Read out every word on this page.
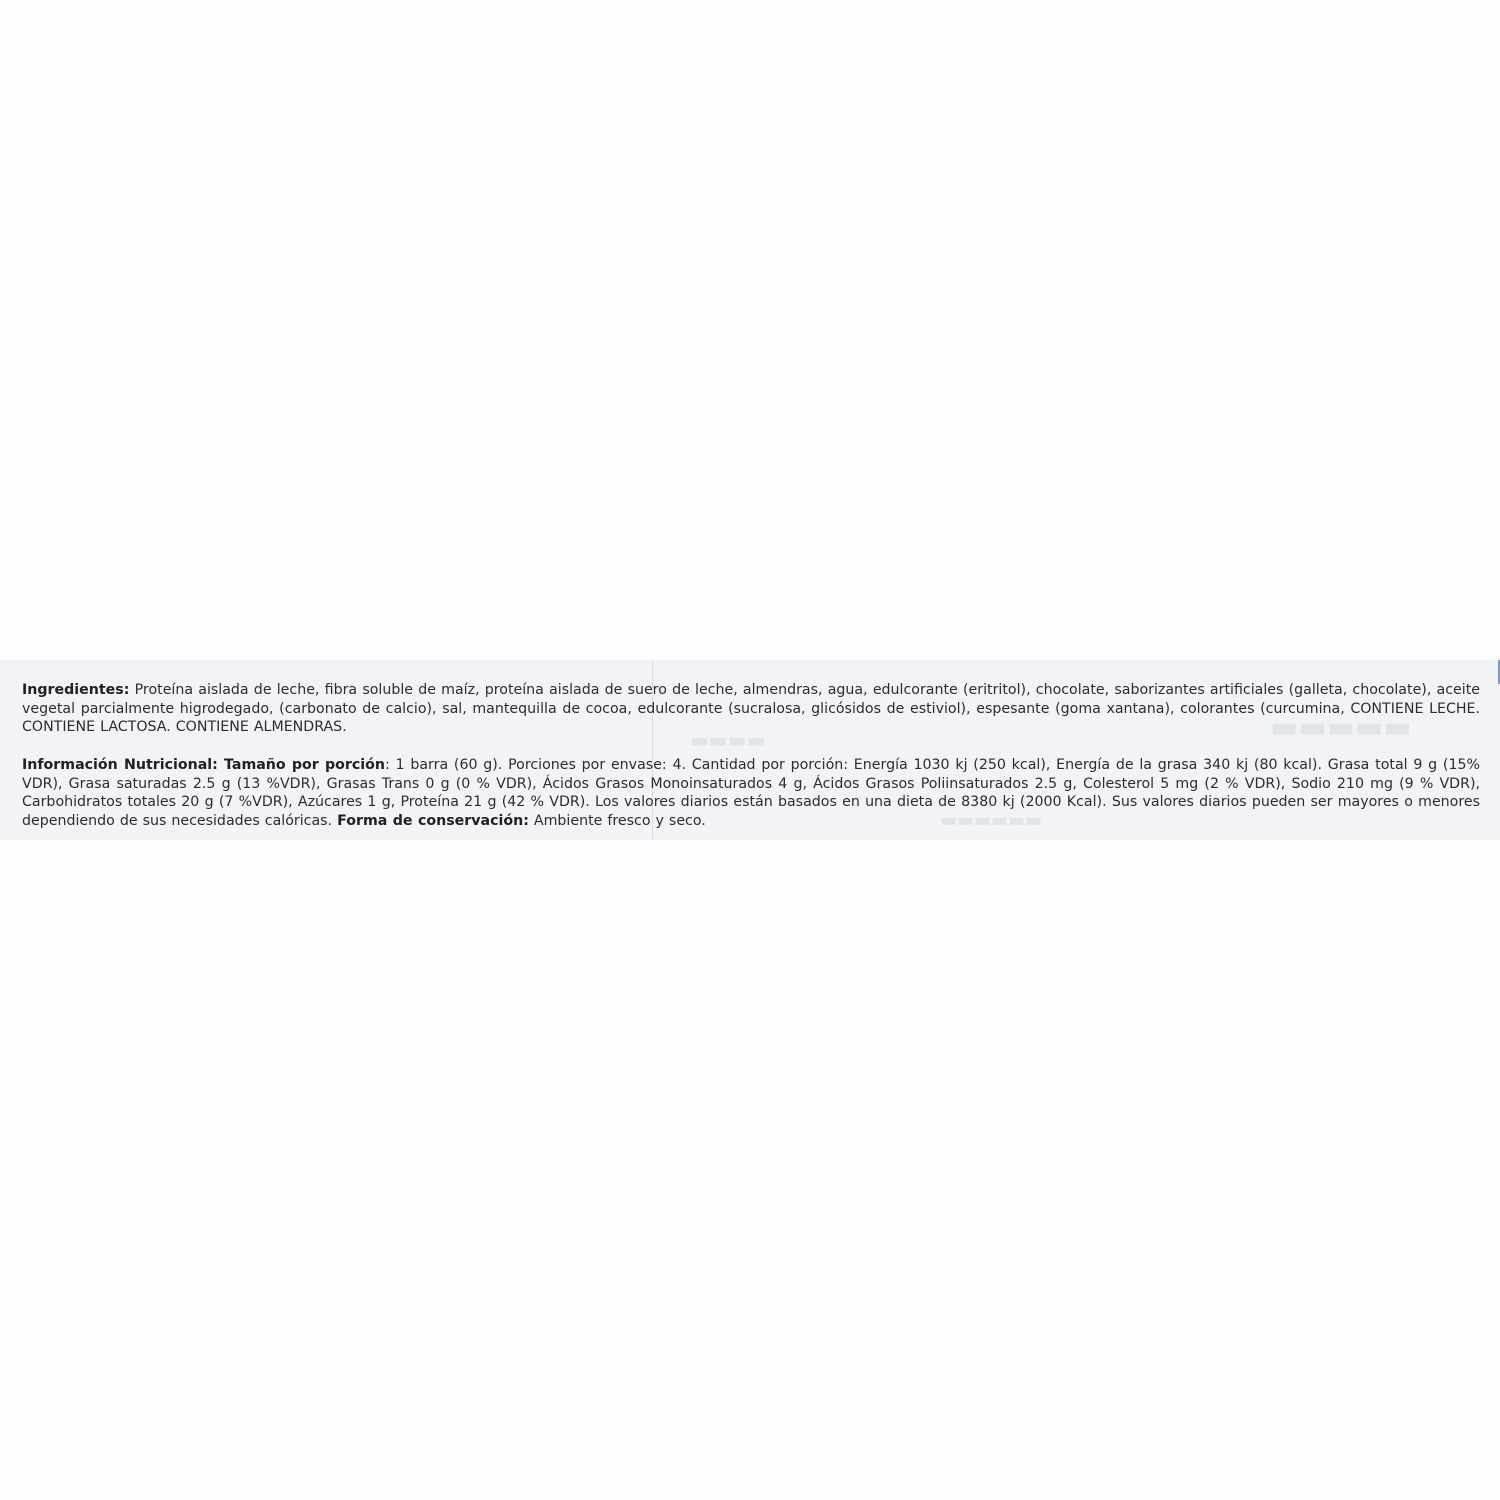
▬▬▬▬▬
▬▬▬▬
▬▬▬▬▬▬

Ingredientes: Proteína aislada de leche, fibra soluble de maíz, proteína aislada de suero de leche, almendras, agua, edulcorante (eritritol), chocolate, saborizantes artificiales (galleta, chocolate), aceite vegetal parcialmente higrodegado, (carbonato de calcio), sal, mantequilla de cocoa, edulcorante (sucralosa, glicósidos de estiviol), espesante (goma xantana), colorantes (curcumina, CONTIENE LECHE. CONTIENE LACTOSA. CONTIENE ALMENDRAS.

Información Nutricional: Tamaño por porción: 1 barra (60 g). Porciones por envase: 4. Cantidad por porción: Energía 1030 kj (250 kcal), Energía de la grasa 340 kj (80 kcal). Grasa total 9 g (15% VDR), Grasa saturadas 2.5 g (13 %VDR), Grasas Trans 0 g (0 % VDR), Ácidos Grasos Monoinsaturados 4 g, Ácidos Grasos Poliinsaturados 2.5 g, Colesterol 5 mg (2 % VDR), Sodio 210 mg (9 % VDR), Carbohidratos totales 20 g (7 %VDR), Azúcares 1 g, Proteína 21 g (42 % VDR). Los valores diarios están basados en una dieta de 8380 kj (2000 Kcal). Sus valores diarios pueden ser mayores o menores dependiendo de sus necesidades calóricas. Forma de conservación: Ambiente fresco y seco.
